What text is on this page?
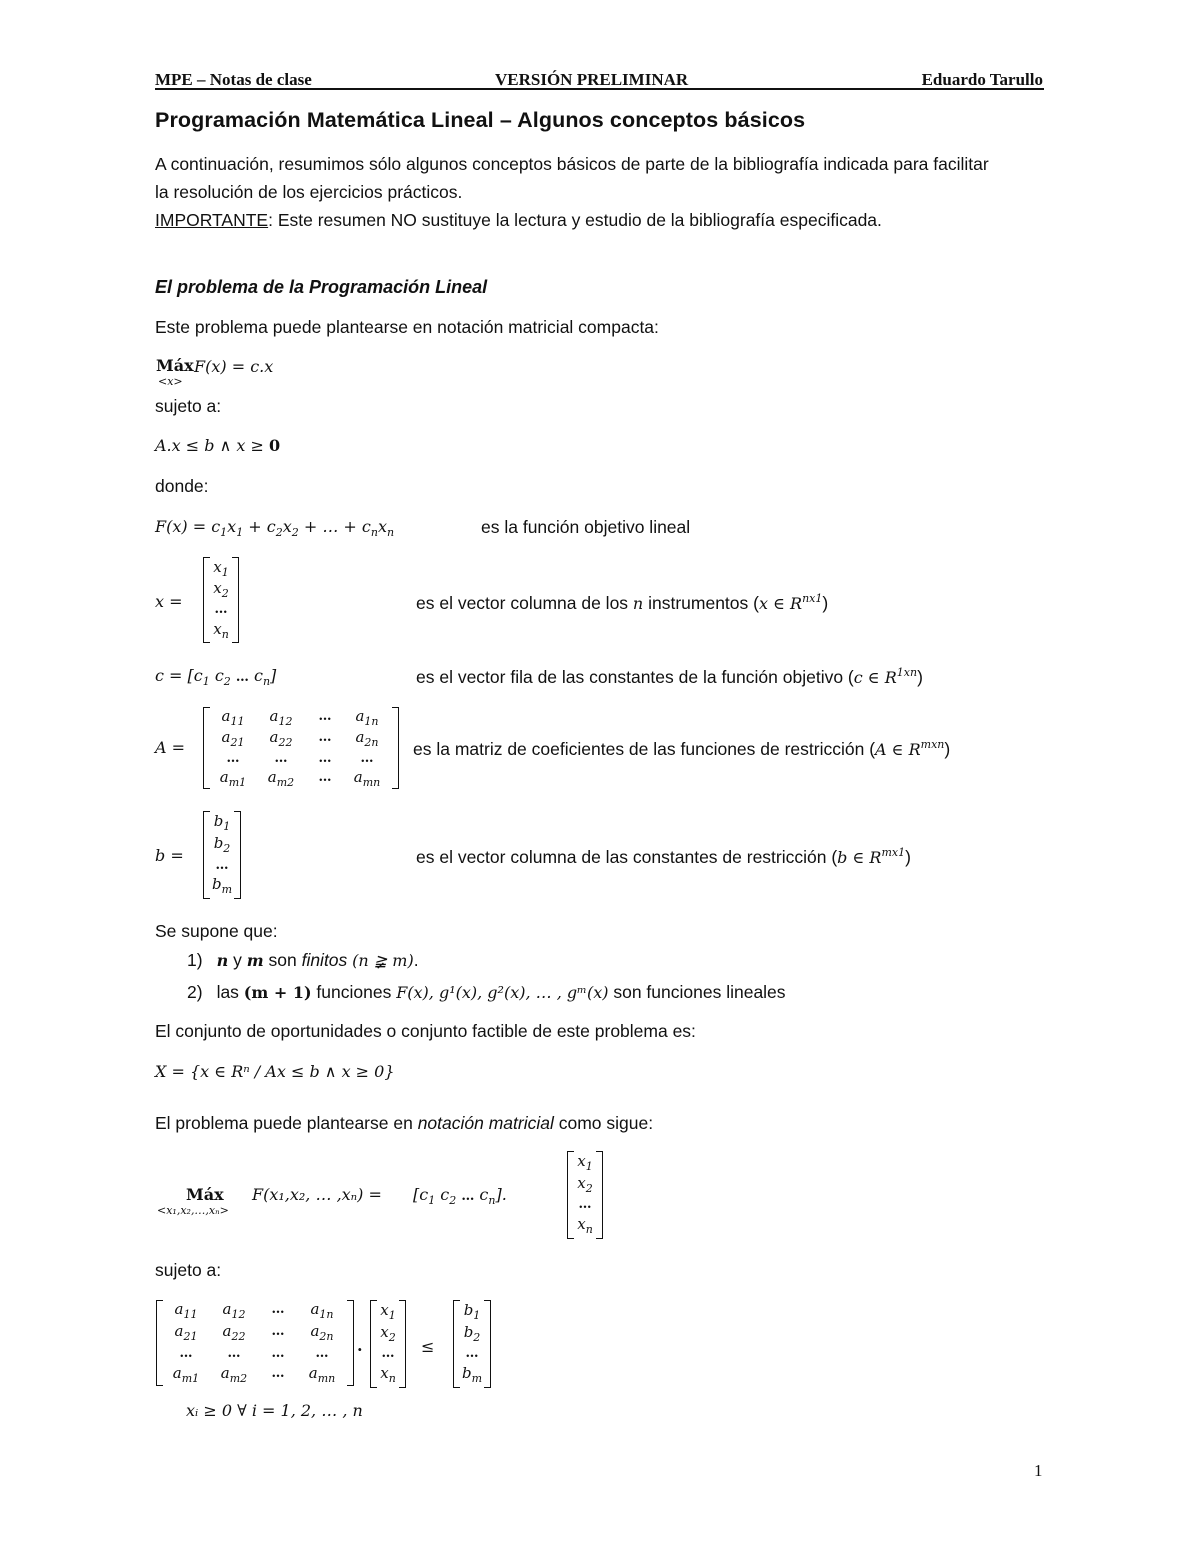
MPE – Notas de clase	VERSIÓN PRELIMINAR	Eduardo Tarullo
Programación Matemática Lineal – Algunos conceptos básicos
A continuación, resumimos sólo algunos conceptos básicos de parte de la bibliografía indicada para facilitar
la resolución de los ejercicios prácticos.
IMPORTANTE: Este resumen NO sustituye la lectura y estudio de la bibliografía especificada.
El problema de la Programación Lineal
Este problema puede plantearse en notación matricial compacta:
Máx
<x>
F(x) = c.x
sujeto a:
A.x ≤ b ∧ x ≥ 0
donde:
$F(x) = c_1x_1 + c_2x_2$ + … + $c_nx_n$	es la función objetivo lineal
x =
$x_1$
$x_2$
…
$x_n$
es el vector columna de los n instrumentos (x ∈ $R^{nx1}$)
$c = [c_1$ $c_2$ … $c_n$]	es el vector fila de las constantes de la función objetivo (c ∈ $R^{1xn}$)
A =
$a_{11}$	$a_{12}$	…	$a_{1n}$
$a_{21}$	$a_{22}$	…	$a_{2n}$
…	…	…	…
$a_{m1}$	$a_{m2}$	…	$a_{mn}$
es la matriz de coeficientes de las funciones de restricción (A ∈ $R^{mxn}$)
b =
$b_1$
$b_2$
…
$b_m$
es el vector columna de las constantes de restricción (b ∈ $R^{mx1}$)
Se supone que:
1) n y m son finitos (n ≩ m).
2) las (m + 1) funciones F(x), g¹(x), g²(x), … , gᵐ(x) son funciones lineales
El conjunto de oportunidades o conjunto factible de este problema es:
X = {x ∈ Rⁿ / Ax ≤ b ∧ x ≥ 0}
El problema puede plantearse en notación matricial como sigue:
Máx
<x₁,x₂,…,xₙ>
F(x₁,x₂, … $,x_n) = [c_1$ $c_2$ … $c_n$].
$x_1$
$x_2$
…
$x_n$
sujeto a:
$a_{11}$	$a_{12}$	…	$a_{1n}$
$a_{21}$	$a_{22}$	…	$a_{2n}$
…	…	…	…
$a_{m1}$	$a_{m2}$	…	$a_{mn}$
.
$x_1$
$x_2$
…
$x_n$
≤
$b_1$
$b_2$
…
$b_m$
xᵢ ≥ 0 ∀ i = 1, 2, … , n
1
